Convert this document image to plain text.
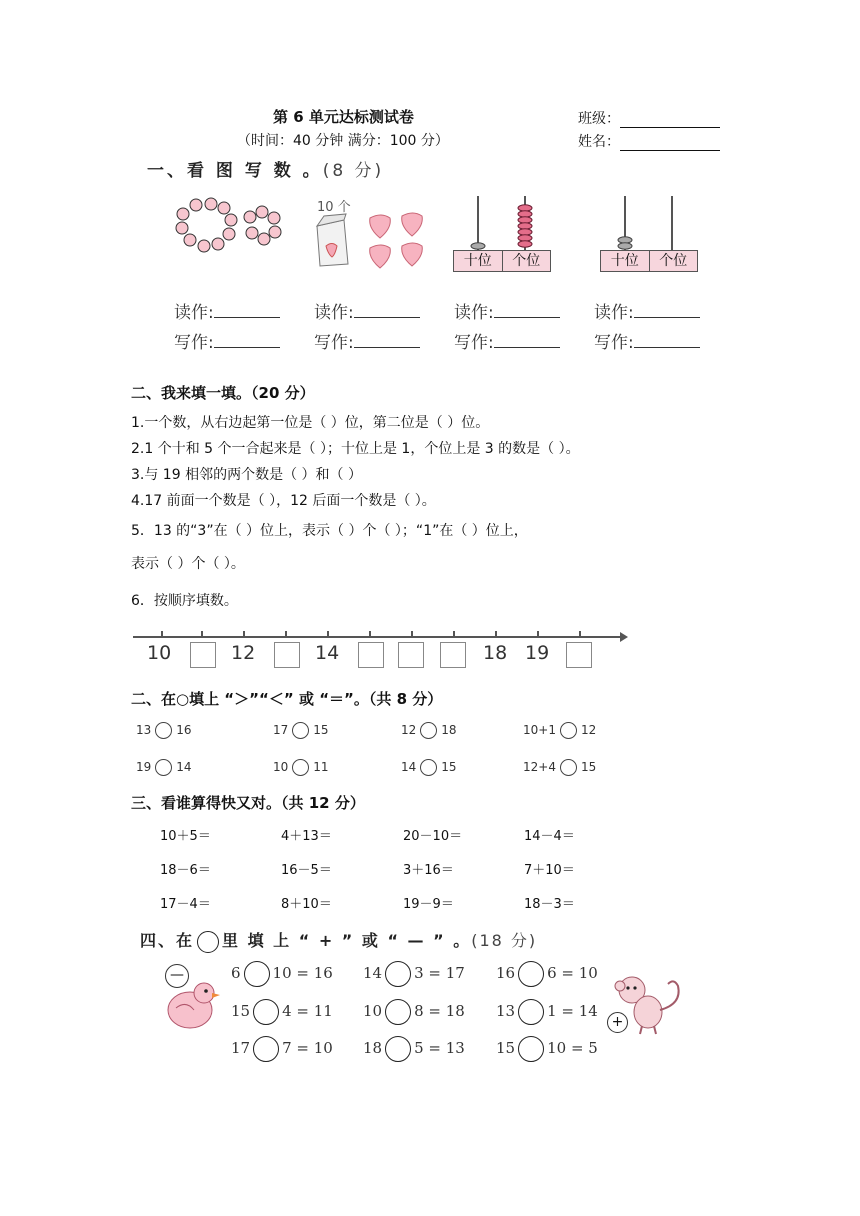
第 6 单元达标测试卷
（时间：40 分钟 满分：100 分）
班级：
姓名：
一、看 图 写 数 。(8 分)
10 个
十位	个位	十位	个位
读作:	读作:	读作:	读作:
写作:	写作:	写作:	写作:
二、我来填一填。（20 分）
1.一个数，从右边起第一位是（ ）位，第二位是（ ）位。
2.1 个十和 5 个一合起来是（ ）；十位上是 1，个位上是 3 的数是（ ）。
3.与 19 相邻的两个数是（ ）和（ ）
4.17 前面一个数是（ ），12 后面一个数是（ ）。
5．13 的“3”在（ ）位上，表示（ ）个（ ）；“1”在（ ）位上，
表示（ ）个（ ）。
6．按顺序填数。
10	12	14	18 19
二、在○填上 “＞”“＜” 或 “＝”。（共 8 分）
13 16	17 15	12 18	10+1 12
19 14	10 11	14 15	12+4 15
三、看谁算得快又对。（共 12 分）
10＋5＝	4＋13＝	20－10＝	14－4＝
18－6＝	16－5＝	3＋16＝	7＋10＝
17－4＝	8＋10＝	19－9＝	18－3＝
四、在 里 填 上 “ + ” 或 “ — ” 。(18 分)
—
+
6 10 = 16 14 3 = 17 16 6 = 10
15 4 = 11 10 8 = 18 13 1 = 14
17 7 = 10 18 5 = 13 15 10 = 5
